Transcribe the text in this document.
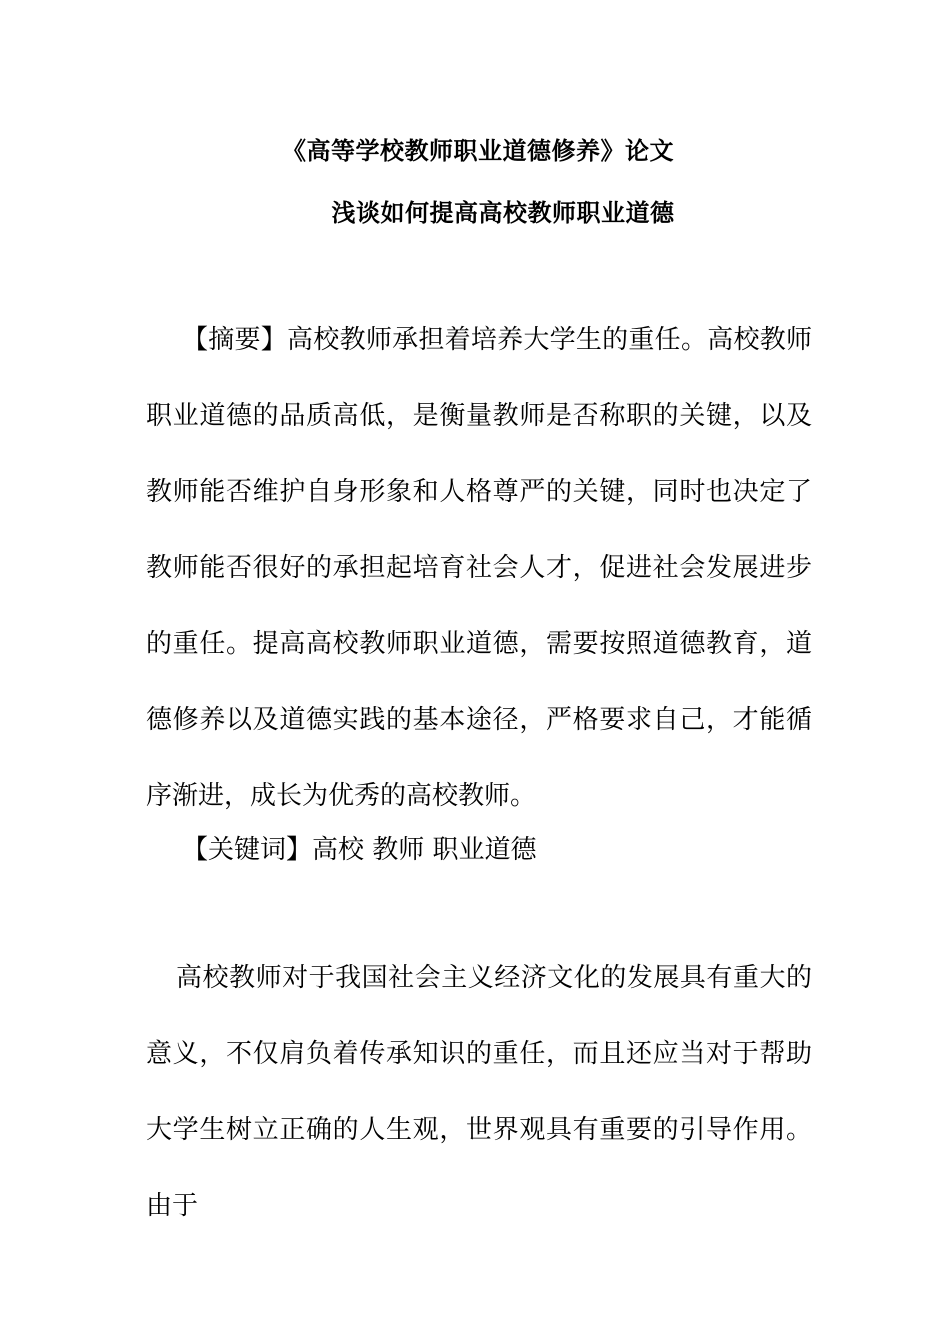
《高等学校教师职业道德修养》论文
浅谈如何提高高校教师职业道德

【摘要】高校教师承担着培养大学生的重任。高校教师职业道德的品质高低，是衡量教师是否称职的关键，以及教师能否维护自身形象和人格尊严的关键，同时也决定了教师能否很好的承担起培育社会人才，促进社会发展进步的重任。提高高校教师职业道德，需要按照道德教育，道德修养以及道德实践的基本途径，严格要求自己，才能循序渐进，成长为优秀的高校教师。

【关键词】高校 教师 职业道德

高校教师对于我国社会主义经济文化的发展具有重大的意义，不仅肩负着传承知识的重任，而且还应当对于帮助大学生树立正确的人生观，世界观具有重要的引导作用。由于
